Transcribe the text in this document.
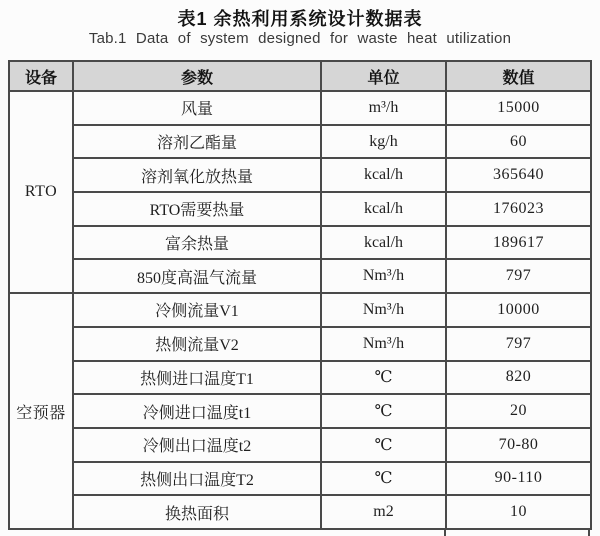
表1 余热利用系统设计数据表
Tab.1 Data of system designed for waste heat utilization
设备	参数	单位	数值
RTO	风量	m³/h	15000
	溶剂乙酯量	kg/h	60
	溶剂氧化放热量	kcal/h	365640
	RTO需要热量	kcal/h	176023
	富余热量	kcal/h	189617
	850度高温气流量	Nm³/h	797
空预器	冷侧流量V1	Nm³/h	10000
	热侧流量V2	Nm³/h	797
	热侧进口温度T1	℃	820
	冷侧进口温度t1	℃	20
	冷侧出口温度t2	℃	70-80
	热侧出口温度T2	℃	90-110
	换热面积	m2	10
